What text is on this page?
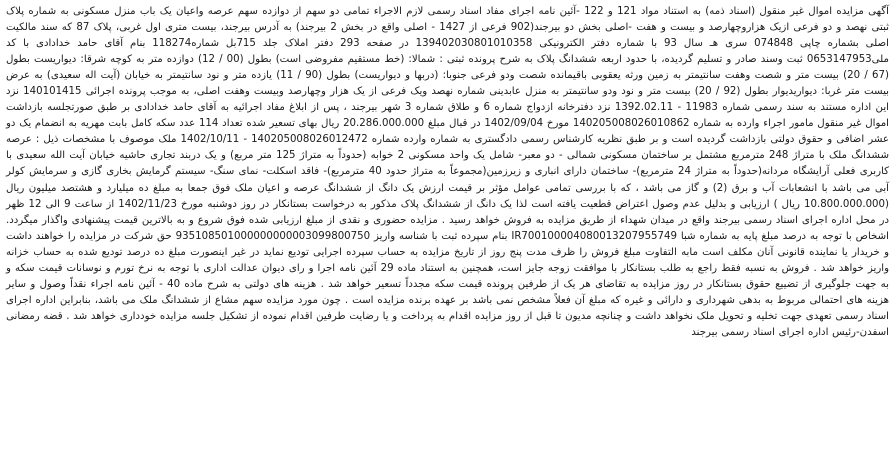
آگهی مزایده اموال غیر منقول (اسناد ذمه) به استناد مواد 121 و 122 -آئین نامه اجرای مفاد اسناد رسمی لازم الاجراء تمامی دو سهم از دوازده سهم عرصه واعیان یک باب منزل مسکونی به شماره پلاک ثبتی نهصد و دو فرعی ازیک هزاروچهارصد و بیست و هفت -اصلی بخش دو بیرجند(902 فرعی از 1427 - اصلی واقع در بخش 2 بیرجند) به آدرس بیرجند، بیست متری اول غربی، پلاک 87 که سند مالکیت اصلی بشماره چاپی 074848 سری هـ سال 93 با شماره دفتر الکترونیکی 139402030801010358 در صفحه 293 دفتر املاک جلد 715بل شماره118274 بنام آقای حامد خدادادی با کد ملی0653147953 ثبت وسند صادر و تسلیم گردیده، با حدود اربعه ششدانگ پلاک به شرح پرونده ثبتی : شمالا: (خط مستقیم مفروضی است) بطول (00 / 12) دوازده متر به کوچه شرقا: دیواریست بطول (67 / 20) بیست متر و شصت وهفت سانتیمتر به زمین ورثه یعقوبی باقیمانده شصت ودو فرعی جنوبا: (دربها و دیواریست) بطول (90 / 11) یازده متر و نود سانتیمتر به خیابان (آیت اله سعیدی) به عرض بیست متر غربا: دیواریدیوار بطول (92 / 20) بیست متر و نود ودو سانتیمتر به منزل عابدینی شماره نهصد ویک فرعی از یک هزار وچهارصد وبیست وهفت اصلی، به موجب پرونده اجرائی 140101415 نزد این اداره مستند به سند رسمی شماره 11983 - 1392.02.11 نزد دفترخانه ازدواج شماره 6 و طلاق شماره 3 شهر بیرجند ، پس از ابلاغ مفاد اجرائیه به آقای حامد خدادادی بر طبق صورتجلسه بازداشت اموال غیر منقول مامور اجراء وارده به شماره 140205008026010862 مورخ 1402/09/04 در قبال مبلغ 20.286.000.000 ریال بهای تسعیر شده تعداد 114 عدد سکه کامل بابت مهریه به انضمام یک دو عشر اضافی و حقوق دولتی بازداشت گردیده است و بر طبق نظریه کارشناس رسمی دادگستری به شماره وارده شماره 140205008026012472 - 1402/10/11 ملک موصوف با مشخصات ذیل : عرصه ششدانگ ملک با متراژ 248 مترمربع مشتمل بر ساختمان مسکونی شمالی - دو معبر- شامل یک واحد مسکونی 2 خوابه (حدوداً به متراژ 125 متر مربع) و یک دربند تجاری حاشیه خیابان آیت الله سعیدی با کاربری فعلی آرایشگاه مردانه(حدوداً به متراژ 24 مترمربع)- ساختمان دارای انباری و زیرزمین(مجموعاً به متراژ حدود 40 مترمربع)- فاقد اسکلت- نمای سنگ- سیستم گرمایش بخاری گازی و سرمایش کولر آبی می باشد با انشعابات آب و برق (2) و گاز می باشد ، که با بررسی تمامی عوامل مؤثر بر قیمت ارزش یک دانگ از ششدانگ عرصه و اعیان ملک فوق جمعا به مبلغ ده میلیارد و هشتصد میلیون ریال (10.800.000.000 ریال ) ارزیابی و بدلیل عدم وصول اعتراض قطعیت یافته است لذا یک دانگ از ششدانگ پلاک مذکور به درخواست بستانکار در روز دوشنبه مورخ 1402/11/23 از ساعت 9 الی 12 ظهر در محل اداره اجرای اسناد رسمی بیرجند واقع در میدان شهداء از طریق مزایده به فروش خواهد رسید . مزایده حضوری و نقدی از مبلغ ارزیابی شده فوق شروع و به بالاترین قیمت پیشنهادی واگذار میگردد. اشخاص با توجه به درصد مبلغ پایه به شماره شبا IR700100004080013207955749 بنام سپرده ثبت با شناسه واریز 935108501000000000003099800750 حق شرکت در مزایده را خواهند داشت و خریدار یا نماینده قانونی آنان مکلف است مابه التفاوت مبلغ فروش را ظرف مدت پنج روز از تاریخ مزایده به حساب سپرده اجرایی تودیع نماید در غیر اینصورت مبلغ ده درصد تودیع شده به حساب خزانه واریز خواهد شد . فروش به نسبه فقط راجع به طلب بستانکار با موافقت زوجه جایز است، همچنین به استناد ماده 29 آئین نامه اجرا و رای دیوان عدالت اداری با توجه به نرخ تورم و نوسانات قیمت سکه و به جهت جلوگیری از تضییع حقوق بستانکار در روز مزایده به تقاضای هر یک از طرفین پرونده قیمت سکه مجدداً تسعیر خواهد شد . هزینه های دولتی به شرح ماده 40 - آئین نامه اجراء نقداً وصول و سایر هزینه های احتمالی مربوط به بدهی شهرداری و دارائی و غیره که مبلغ آن فعلاً مشخص نمی باشد بر عهده برنده مزایده است . چون مورد مزایده سهم مشاع از ششدانگ ملک می باشد، بنابراین اداره اجرای اسناد رسمی تعهدی جهت تخلیه و تحویل ملک نخواهد داشت و چنانچه مدیون تا قبل از روز مزایده اقدام به پرداخت و یا رضایت طرفین اقدام نموده از تشکیل جلسه مزایده خودداری خواهد شد . قضه رمضانی اسفدن-رئیس اداره اجرای اسناد رسمی بیرجند
